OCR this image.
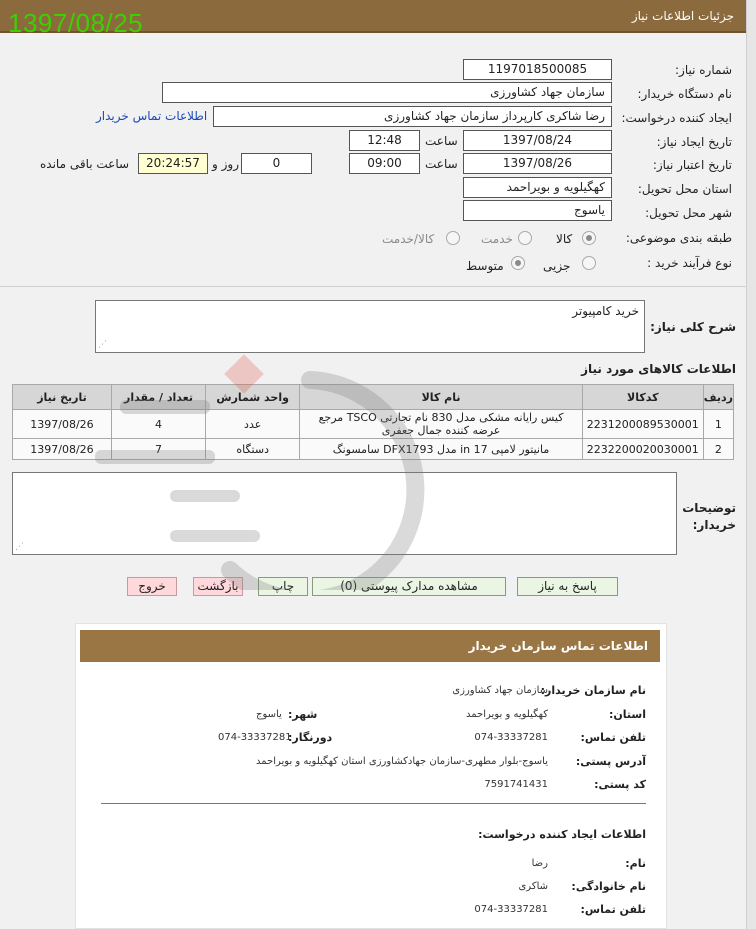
جزئیات اطلاعات نیاز
1397/08/25
شماره نیاز:
1197018500085
نام دستگاه خریدار:
سازمان جهاد کشاورزی
ایجاد کننده درخواست:
رضا شاکری کارپرداز سازمان جهاد کشاورزی
اطلاعات تماس خریدار
تاریخ ایجاد نیاز:
1397/08/24
ساعت
12:48
تاریخ اعتبار نیاز:
1397/08/26
ساعت
09:00
0
روز و
20:24:57
ساعت باقی مانده
استان محل تحویل:
کهگیلویه و بویراحمد
شهر محل تحویل:
یاسوج
طبقه بندی موضوعی:
کالا
خدمت
کالا/خدمت
نوع فرآیند خرید :
جزیی
متوسط
شرح کلی نیاز:
خرید کامپیوتر
⋰
اطلاعات کالاهای مورد نیاز
ردیف	کدکالا	نام کالا	واحد شمارش	تعداد / مقدار	تاریخ نیاز
1	2231200089530001	کیس رایانه مشکی مدل 830 نام تجارتی TSCO مرجع عرضه کننده جمال جعفری	عدد	4	1397/08/26
2	2232200020030001	مانیتور لامپی 17 in مدل DFX1793 سامسونگ	دستگاه	7	1397/08/26
توضیحات خریدار:
⋰
پاسخ به نیاز
مشاهده مدارک پیوستی (0)
چاپ
بازگشت
خروج
اطلاعات تماس سازمان خریدار
نام سازمان خریدار:
سازمان جهاد کشاورزی
استان:
کهگیلویه و بویراحمد
شهر:
یاسوج
تلفن تماس:
074-33337281
دورنگار:
074-33337281
آدرس پستی:
یاسوج-بلوار مطهری-سازمان جهادکشاورزی استان کهگیلویه و بویراحمد
کد پستی:
7591741431
اطلاعات ایجاد کننده درخواست:
نام:
رضا
نام خانوادگی:
شاکری
تلفن تماس:
074-33337281
